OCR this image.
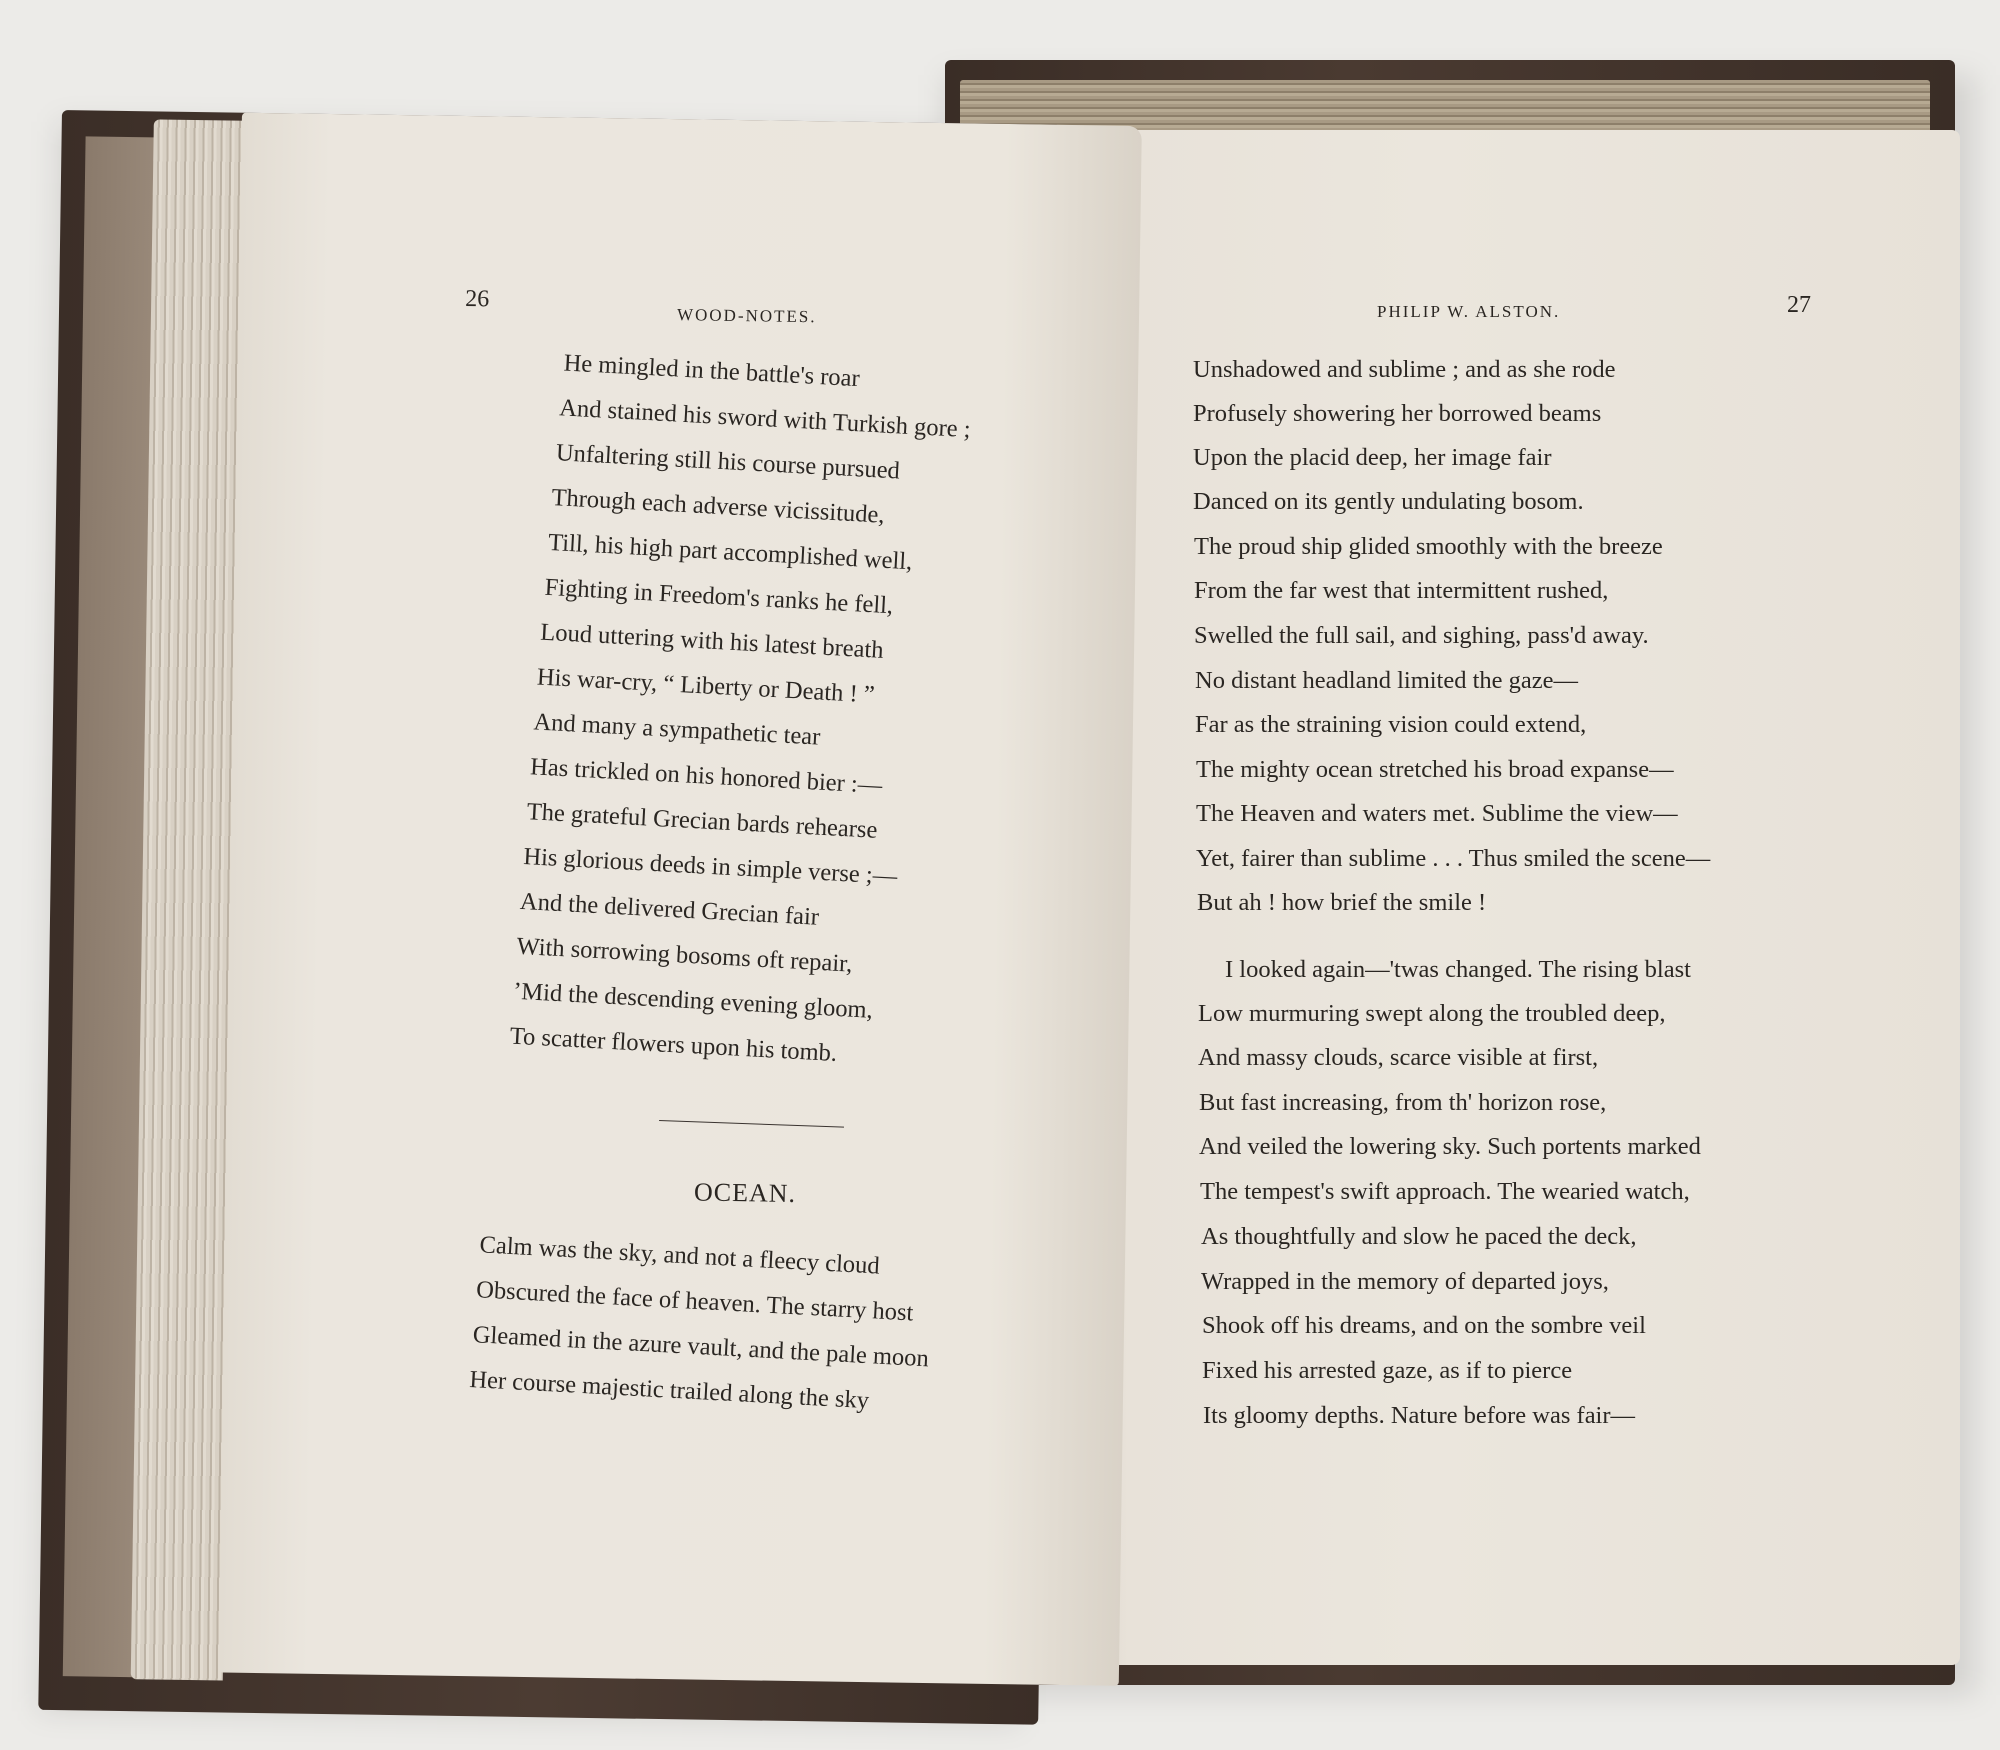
PHILIP W. ALSTON.	27
Unshadowed and sublime ; and as she rode
Profusely showering her borrowed beams
Upon the placid deep, her image fair
Danced on its gently undulating bosom.
The proud ship glided smoothly with the breeze
From the far west that intermittent rushed,
Swelled the full sail, and sighing, pass'd away.
No distant headland limited the gaze—
Far as the straining vision could extend,
The mighty ocean stretched his broad expanse—
The Heaven and waters met. Sublime the view—
Yet, fairer than sublime . . . Thus smiled the scene—
But ah ! how brief the smile !
I looked again—'twas changed. The rising blast
Low murmuring swept along the troubled deep,
And massy clouds, scarce visible at first,
But fast increasing, from th' horizon rose,
And veiled the lowering sky. Such portents marked
The tempest's swift approach. The wearied watch,
As thoughtfully and slow he paced the deck,
Wrapped in the memory of departed joys,
Shook off his dreams, and on the sombre veil
Fixed his arrested gaze, as if to pierce
Its gloomy depths. Nature before was fair—
26
WOOD-NOTES.
He mingled in the battle's roar
And stained his sword with Turkish gore ;
Unfaltering still his course pursued
Through each adverse vicissitude,
Till, his high part accomplished well,
Fighting in Freedom's ranks he fell,
Loud uttering with his latest breath
His war-cry, “ Liberty or Death ! ”
And many a sympathetic tear
Has trickled on his honored bier :—
The grateful Grecian bards rehearse
His glorious deeds in simple verse ;—
And the delivered Grecian fair
With sorrowing bosoms oft repair,
’Mid the descending evening gloom,
To scatter flowers upon his tomb.
OCEAN.
Calm was the sky, and not a fleecy cloud
Obscured the face of heaven. The starry host
Gleamed in the azure vault, and the pale moon
Her course majestic trailed along the sky
